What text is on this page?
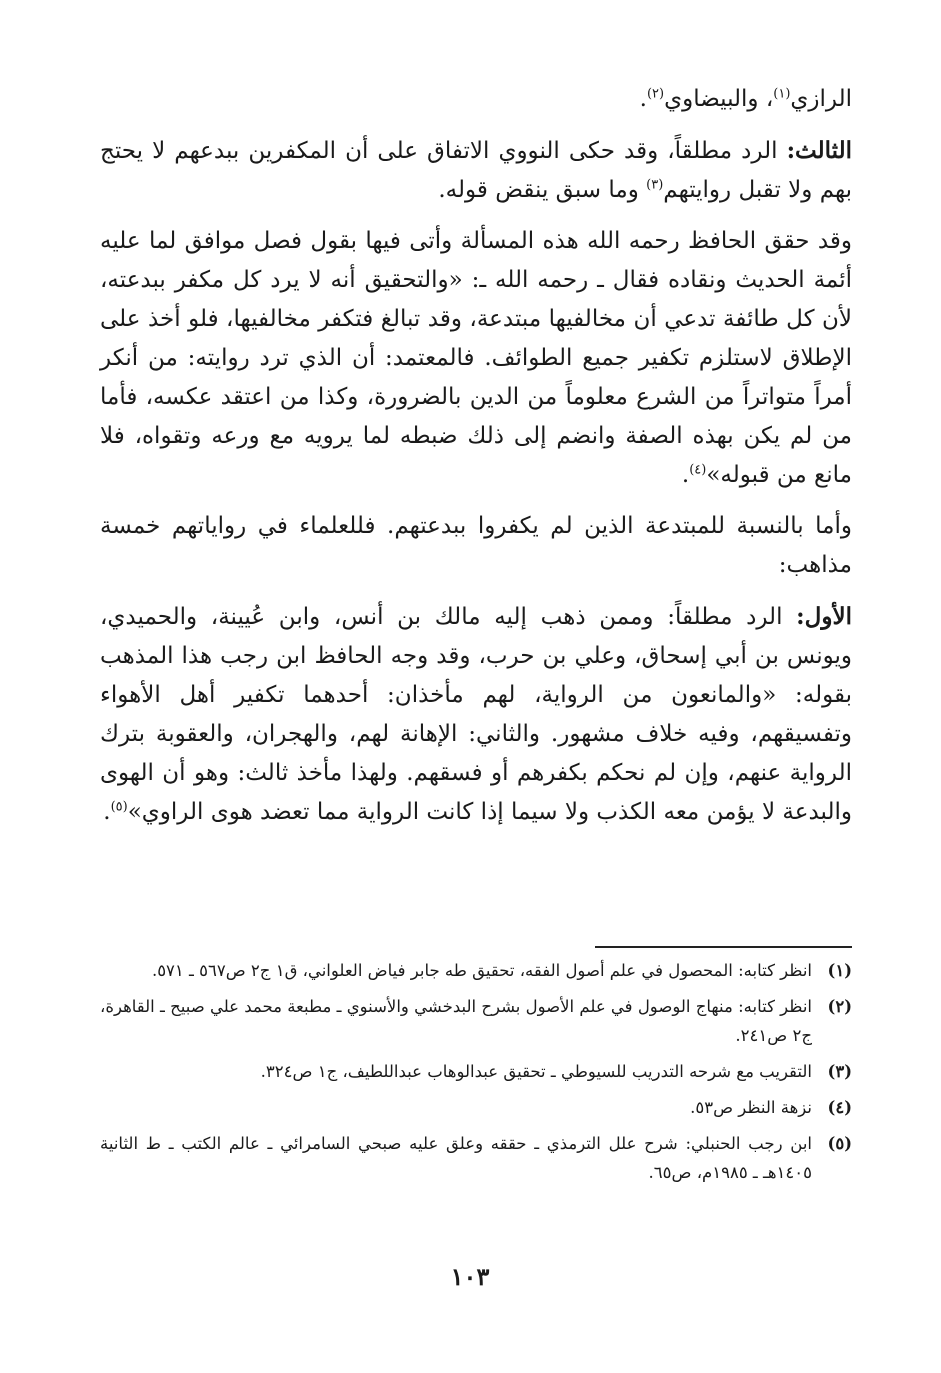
الرازي$^{(١)}$، والبيضاوي$^{(٢)}$.

الثالث: الرد مطلقاً، وقد حكى النووي الاتفاق على أن المكفرين ببدعهم لا يحتج بهم ولا تقبل روايتهم$^{(٣)}$ وما سبق ينقض قوله.

وقد حقق الحافظ رحمه الله هذه المسألة وأتى فيها بقول فصل موافق لما عليه أئمة الحديث ونقاده فقال ـ رحمه الله ـ: «والتحقيق أنه لا يرد كل مكفر ببدعته، لأن كل طائفة تدعي أن مخالفيها مبتدعة، وقد تبالغ فتكفر مخالفيها، فلو أخذ على الإطلاق لاستلزم تكفير جميع الطوائف. فالمعتمد: أن الذي ترد روايته: من أنكر أمراً متواتراً من الشرع معلوماً من الدين بالضرورة، وكذا من اعتقد عكسه، فأما من لم يكن بهذه الصفة وانضم إلى ذلك ضبطه لما يرويه مع ورعه وتقواه، فلا مانع من قبوله»$^{(٤)}$.

وأما بالنسبة للمبتدعة الذين لم يكفروا ببدعتهم. فللعلماء في رواياتهم خمسة مذاهب:

الأول: الرد مطلقاً: وممن ذهب إليه مالك بن أنس، وابن عُيينة، والحميدي، ويونس بن أبي إسحاق، وعلي بن حرب، وقد وجه الحافظ ابن رجب هذا المذهب بقوله: «والمانعون من الرواية، لهم مأخذان: أحدهما تكفير أهل الأهواء وتفسيقهم، وفيه خلاف مشهور. والثاني: الإهانة لهم، والهجران، والعقوبة بترك الرواية عنهم، وإن لم نحكم بكفرهم أو فسقهم. ولهذا مأخذ ثالث: وهو أن الهوى والبدعة لا يؤمن معه الكذب ولا سيما إذا كانت الرواية مما تعضد هوى الراوي»$^{(٥)}$.

(١)
انظر كتابه: المحصول في علم أصول الفقه، تحقيق طه جابر فياض العلواني، ق١ ج٢ ص٥٦٧ ـ ٥٧١.
(٢)
انظر كتابه: منهاج الوصول في علم الأصول بشرح البدخشي والأسنوي ـ مطبعة محمد علي صبيح ـ القاهرة، ج٢ ص٢٤١.
(٣)
التقريب مع شرحه التدريب للسيوطي ـ تحقيق عبدالوهاب عبداللطيف، ج١ ص٣٢٤.
(٤)
نزهة النظر ص٥٣.
(٥)
ابن رجب الحنبلي: شرح علل الترمذي ـ حققه وعلق عليه صبحي السامرائي ـ عالم الكتب ـ ط الثانية ١٤٠٥هـ ـ ١٩٨٥م، ص٦٥.
١٠٣
